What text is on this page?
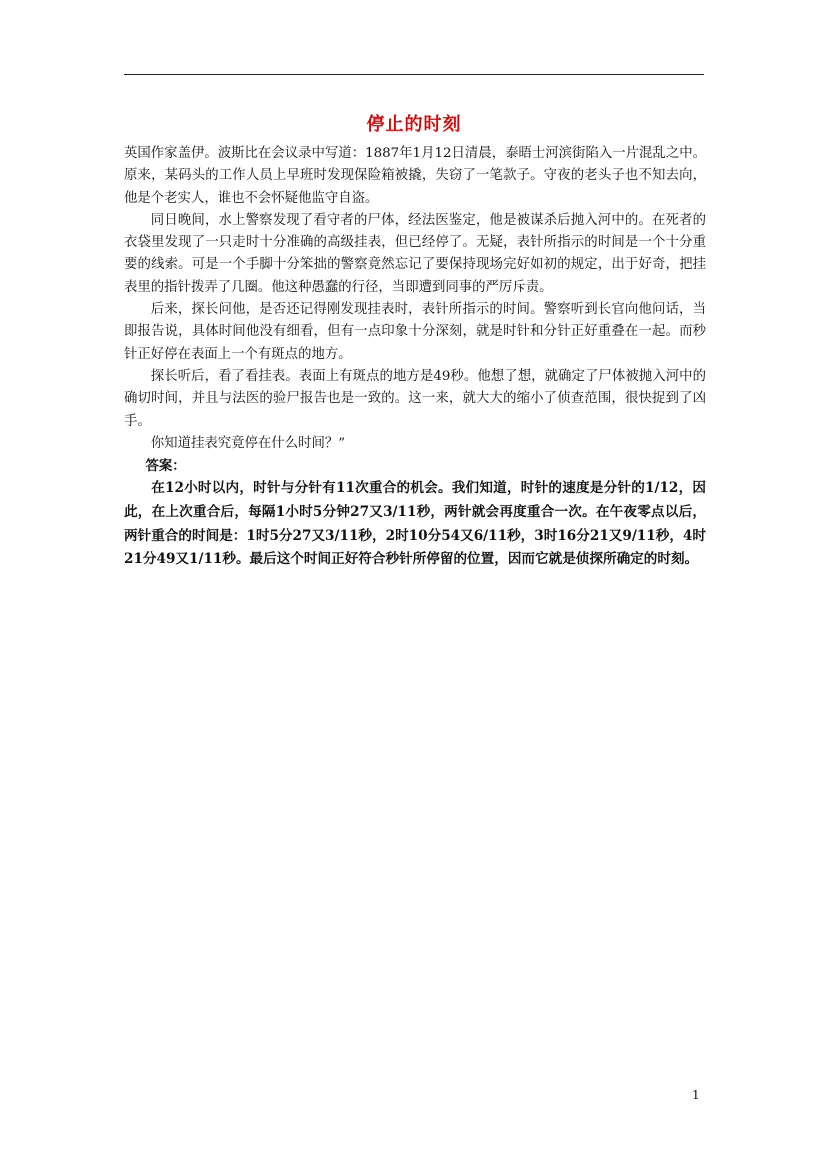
停止的时刻

英国作家盖伊。波斯比在会议录中写道：1887年1月12日清晨，泰晤士河滨街陷入一片混乱之中。原来，某码头的工作人员上早班时发现保险箱被撬，失窃了一笔款子。守夜的老头子也不知去向，他是个老实人，谁也不会怀疑他监守自盗。

同日晚间，水上警察发现了看守者的尸体，经法医鉴定，他是被谋杀后抛入河中的。在死者的衣袋里发现了一只走时十分准确的高级挂表，但已经停了。无疑，表针所指示的时间是一个十分重要的线索。可是一个手脚十分笨拙的警察竟然忘记了要保持现场完好如初的规定，出于好奇，把挂表里的指针拨弄了几圈。他这种愚蠢的行径，当即遭到同事的严厉斥责。

后来，探长问他，是否还记得刚发现挂表时，表针所指示的时间。警察听到长官向他问话，当即报告说，具体时间他没有细看，但有一点印象十分深刻，就是时针和分针正好重叠在一起。而秒针正好停在表面上一个有斑点的地方。

探长听后，看了看挂表。表面上有斑点的地方是49秒。他想了想，就确定了尸体被抛入河中的确切时间，并且与法医的验尸报告也是一致的。这一来，就大大的缩小了侦查范围，很快捉到了凶手。

你知道挂表究竟停在什么时间？”

答案：

在12小时以内，时针与分针有11次重合的机会。我们知道，时针的速度是分针的1/12，因此，在上次重合后，每隔1小时5分钟27又3/11秒，两针就会再度重合一次。在午夜零点以后，两针重合的时间是：1时5分27又3/11秒，2时10分54又6/11秒，3时16分21又9/11秒，4时21分49又1/11秒。最后这个时间正好符合秒针所停留的位置，因而它就是侦探所确定的时刻。

1
